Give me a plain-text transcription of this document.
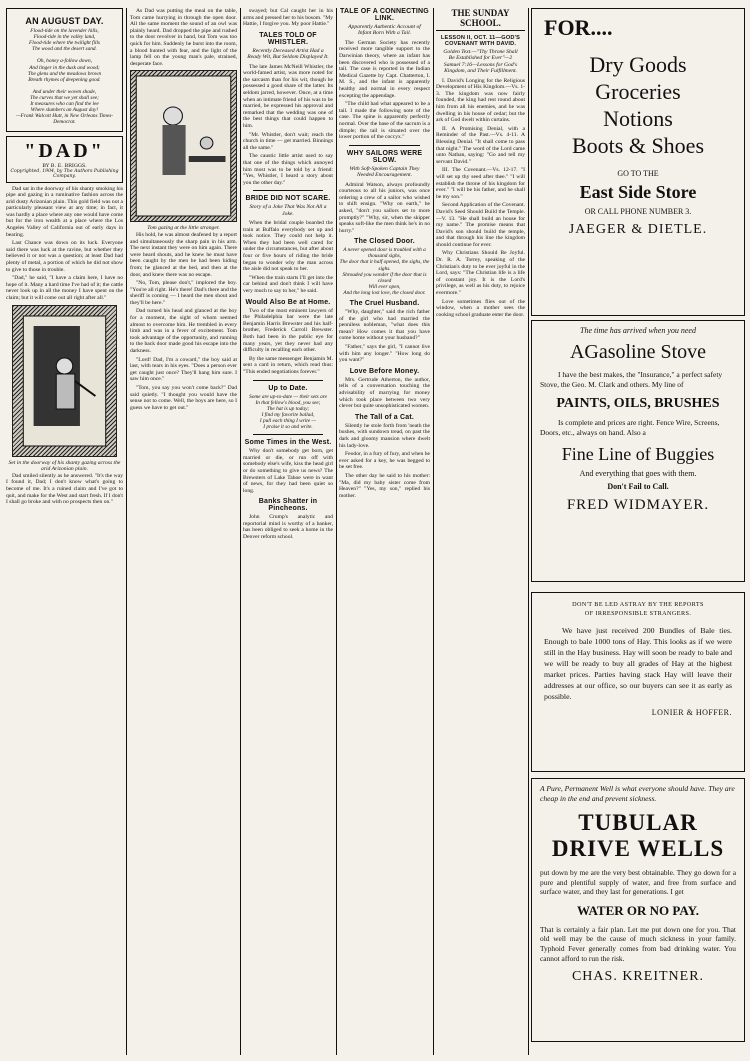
AN AUGUST DAY.
Flood-tide on the lavender hills,
Flood-tide in the valley land,
Flood-tide where the twilight fills
The wood and the desert sand.

Oh, honey a-follow down,
And linger in the dusk and wood;
The glens and the meadows brown
Breath rhymes of deepening good.

And under their woven shade,
The curves that we yet shall see;
It measures who can find the lee
Where slumbers an August day!
—Frank Walcott Hutt, in New Orleans Times-Democrat.
"DAD"
BY B. E. BRIGGS.
Copyrighted, 1904, by The Authors Publishing Company.

Dad sat in the doorway of his shanty smoking his pipe and gazing in a ruminative fashion across the arid dusty Arizonian plain. This gold field was not a particularly pleasant view at any time; in fact, it was hardly a place where any one would have come but for the iron wealth at a place where the Los Angeles Valley of California out of early days in bearing.

Last Chance was down on its luck. Everyone said there was luck at the ravine, but whether they believed it or not was a question; at least Dad had plenty of metal, a portion of which he did not show to give to those in trouble.

"Dad," he said, "I have a claim here, I have no hope of it. Many a hard time I've had of it; the cattle never look up in all the money I have spent on the claim; but it will come out all right after all."

Set in the doorway of his shanty gazing across the arid Arizonian plain.

Dad smiled silently as he answered. "It's the way I found it, Dad; I don't know what's going to become of me. It's a ruined claim and I've got to quit, and make for the West and start fresh. If I don't I shall go broke and with no prospects then on."

As Dad was putting the meal on the table, Tom came hurrying in through the open door. All the same moment the sound of an owl was plainly heard. Dad dropped the pipe and rushed to the door revolver in hand, but Tom was too quick for him. Suddenly he burst into the room, a blood hunted with fear, and the light of the lamp fell on the young man's pale, strained, desperate face.

Tom gazing at the little stranger.

His hold, he was almost deafened by a report and simultaneously the sharp pain in his arm. The next instant they were on him again. There were heard shouts, and he knew he must have been caught by the men he had been hiding from; he glanced at the bed, and then at the door, and knew there was no escape.

"No, Tom, please don't," implored the boy. "You're all right. He's there! Dad's there and the sheriff is coming — I heard the men shout and they'll be here."

Dad turned his head and glanced at the boy for a moment, the sight of whom seemed almost to overcome him. He trembled in every limb and was in a fever of excitement. Tom took advantage of the opportunity, and running to the back door made good his escape into the darkness.

"Lord! Dad, I'm a coward," the boy said at last, with tears in his eyes. "Does a person ever get caught just once? They'll hang him sure. I saw him once."

"Tom, you say you won't come back?" Dad said quietly. "I thought you would have the sense not to come. Well, the boys are here, so I guess we have to get out."

swayed; but Cal caught her in his arms and pressed her to his bosom. "My Hattie, I forgive you. My poor Hattie."

TALES TOLD OF WHISTLER.
Recently Deceased Artist Had a Ready Wit, But Seldom Displayed It.

The late James McNeill Whistler, the world-famed artist, was more noted for the sarcasm than for his wit, though he possessed a good share of the latter. Its seldom jarred, however. Once, at a time when an intimate friend of his was to be married, he expressed his approval and remarked that the wedding was one of the best things that could happen to him.

"Mr. Whistler, don't wait; reach the church in time — get married. Binnings all the same."

The caustic little artist used to say that one of the things which annoyed him most was to be told by a friend: "Yes, Whistler, I heard a story about you the other day."

BRIDE DID NOT SCARE.
Story of a Joke That Was Not All a Joke.

When the bridal couple boarded the train at Buffalo everybody set up and took notice. They could not help it. When they had been well cared for under the circumstances, but after about four or five hours of riding the bride began to wonder why the man across the aisle did not speak to her.

"When the train starts I'll get into the car behind and don't think I will have very much to say to her," he said.

Would Also Be at Home.

Two of the most eminent lawyers of the Philadelphia bar were the late Benjamin Harris Brewster and his half-brother, Frederick Carroll Brewster. Both had been in the public eye for many years, yet they never had any difficulty in recalling each other.

By the same messenger Benjamin M. sent a card in return, which read thus: "This ended negotiations forever."

Up to Date.
Some are up-to-date — their sets are
In that fellow's blood, you see;
The hat is up today;
I find my favorite ballad,
I pull each thing I write —
I praise it so and write.
Some Times in the West.

Why don't somebody get born, get married or die, or run off with somebody else's wife, kiss the head girl or do something to give us news? The Brewsters of Lake Tahoe were in want of news, for they had been quiet so long.

Banks Shatter in Pincheons.

John Crump's analytic and reportorial mind is worthy of a banker, has been obliged to seek a home in the Denver reform school.

TALE OF A CONNECTING LINK.
Apparently Authentic Account of Infant Born With a Tail.

The German Society has recently received more tangible support to the Darwinian theory, where an infant has been discovered who is possessed of a tail. The case is reported in the Indian Medical Gazette by Capt. Chatterton, I. M. S., and the infant is apparently healthy and normal in every respect excepting the appendage.

"The child had what appeared to be a tail. I made the following note of the case. The spine is apparently perfectly normal. Over the base of the sacrum is a dimple; the tail is situated over the lower portion of the coccyx."

WHY SAILORS WERE SLOW.
With Soft-Spoken Captain They Needed Encouragement.

Admiral Watson, always profoundly courteous to all his juniors, was once ordering a crew of a sailor who wished to shift ensign. "Why on earth," he asked, "don't you sailors set to more promptly?" "Why, sir, when the skipper speaks soft-like the men think he's in no hurry."

The Closed Door.
A never opened door is troubled with a thousand sighs,
The door that it half opened, the sighs, the sighs.
Shrouded you wonder if the door that is closed
Will ever open,
And the long lost love, the closed door.
The Cruel Husband.

"Why, daughter," said the rich father of the girl who had married the penniless nobleman, "what does this mean? How comes it that you have come home without your husband?"

"Father," says the girl, "I cannot live with him any longer." "How long do you want?"

Love Before Money.

Mrs. Gertrude Atherton, the author, tells of a conversation touching the advisability of marrying for money which took place between two very clever but quite unsophisticated women.

The Tall of a Cat.

Silently he stole forth from 'neath the bushes, with sundown tread, on past the dark and gloomy mansion where dwelt his lady-love.

Feodor, in a fury of fury, and when he ever asked for a key, he was begged to be set free.

The other day he said to his mother: "Ma, did my baby sister come from Heaven?" "Yes, my son," replied his mother.

THE SUNDAY SCHOOL.
LESSON II, OCT. 11—GOD'S COVENANT WITH DAVID.
Golden Text.—"Thy Throne Shall Be Established for Ever"—2 Samuel 7:16—Lessons for God's Kingdom, and Their Fulfillment.

I. David's Longing for the Religious Development of His Kingdom.—Vs. 1-3. The kingdom was now fairly founded, the king had rest round about him from all his enemies, and he was dwelling in his house of cedar; but the ark of God dwelt within curtains.

II. A Promising Denial, with a Reminder of the Past.—Vs. 4-11. A Blessing Denial. "It shall come to pass that night." The word of the Lord came unto Nathan, saying: "Go and tell my servant David."

III. The Covenant.—Vs. 12-17. "I will set up thy seed after thee." "I will establish the throne of his kingdom for ever." "I will be his father, and he shall be my son."

Second Application of the Covenant. David's Seed Should Build the Temple. —V. 13. "He shall build an house for my name." The promise means that David's son should build the temple, and that through his line the kingdom should continue for ever.

Why Christians Should Be Joyful. Dr. R. A. Torrey, speaking of the Christian's duty to be ever joyful in the Lord, says: "The Christian life is a life of constant joy. It is the Lord's privilege, as well as his duty, to rejoice evermore."

Love sometimes flies out of the window, when a mother sees the cooking school graduate enter the door.

FOR....
Dry Goods
Groceries
Notions
Boots & Shoes
GO TO THE
East Side Store
OR CALL PHONE NUMBER 3.
JAEGER & DIETLE.
The time has arrived when you need
AGasoline Stove
I have the best makes, the "Insurance," a perfect safety Stove, the Geo. M. Clark and others. My line of
PAINTS, OILS, BRUSHES
Is complete and prices are right. Fence Wire, Screens, Doors, etc., always on hand. Also a
Fine Line of Buggies
And everything that goes with them.
Don't Fail to Call.
FRED WIDMAYER.
DON'T BE LED ASTRAY BY THE REPORTS
OF IRRESPONSIBLE STRANGERS.
We have just received 200 Bundles of Bale ties. Enough to bale 1000 tons of Hay. This looks as if we were still in the Hay business. Hay will soon be ready to bale and we will be ready to buy all grades of Hay at the highest market prices. Parties having stack Hay will leave their addresses at our office, so our buyers can see it as early as possible.
LONIER & HOFFER.
A Pure, Permanent Well is what everyone should have. They are cheap in the end and prevent sickness.
TUBULAR
DRIVE WELLS
put down by me are the very best obtainable. They go down for a pure and plentiful supply of water, and free from surface and surface water, and they last for generations. I get
WATER OR NO PAY.
That is certainly a fair plan. Let me put down one for you. That old well may be the cause of much sickness in your family. Typhoid Fever generally comes from bad drinking water. You cannot afford to run the risk.
CHAS. KREITNER.
